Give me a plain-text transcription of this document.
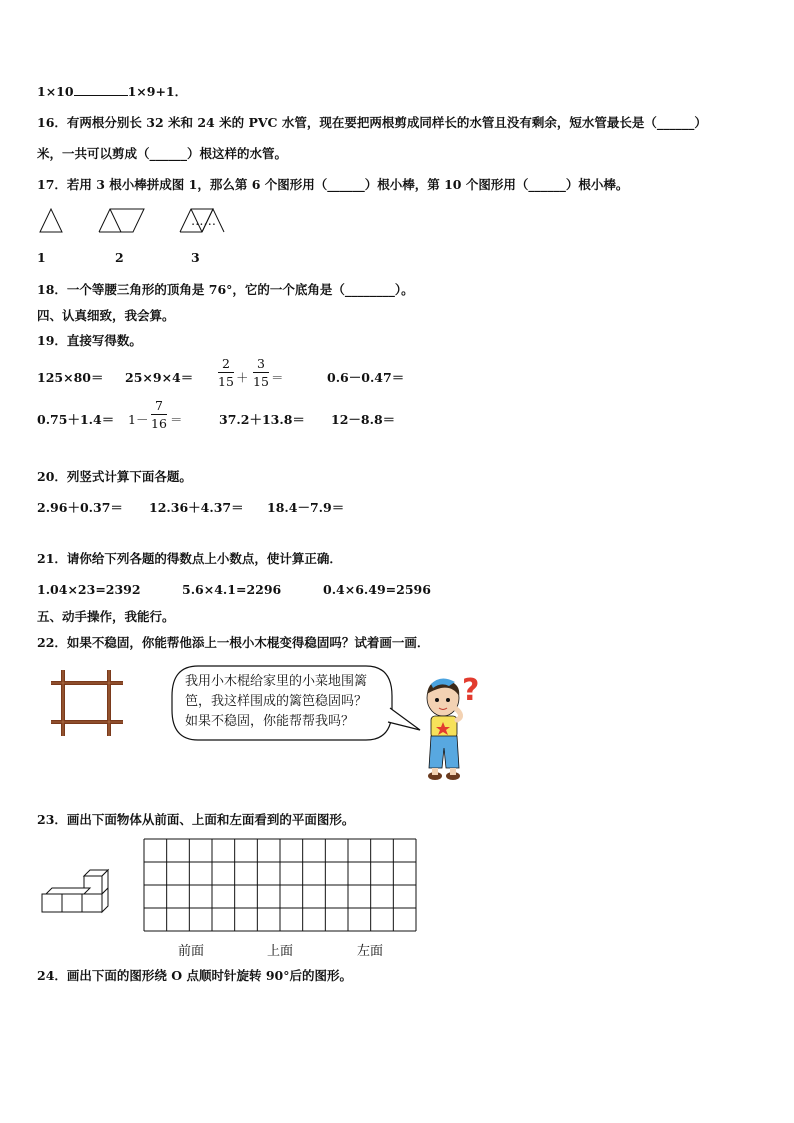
1×10	1×9+1．
16．有两根分别长 32 米和 24 米的 PVC 水管，现在要把两根剪成同样长的水管且没有剩余，短水管最长是（______）
米，一共可以剪成（______）根这样的水管。
17．若用 3 根小棒拼成图 1，那么第 6 个图形用（______）根小棒，第 10 个图形用（______）根小棒。
……
1	2	3
18．一个等腰三角形的顶角是 76°，它的一个底角是（________）。
四、认真细致，我会算。
19．直接写得数。
125×80＝ 25×9×4＝
2
15 ＋
3
15 ＝	0.6－0.47＝
0.75＋1.4＝ 1－
7
16 ＝	37.2＋13.8＝ 12－8.8＝
20．列竖式计算下面各题。
2.96＋0.37＝ 12.36＋4.37＝ 18.4－7.9＝
21．请你给下列各题的得数点上小数点，使计算正确．
1.04×23=2392	5.6×4.1=2296	0.4×6.49=2596
五、动手操作，我能行。
22．如果不稳固，你能帮他添上一根小木棍变得稳固吗？试着画一画．
我用小木棍给家里的小菜地围篱
笆，我这样围成的篱笆稳固吗？
如果不稳固，你能帮帮我吗？
?
23．画出下面物体从前面、上面和左面看到的平面图形。
前面	上面	左面
24．画出下面的图形绕 O 点顺时针旋转 90°后的图形。
